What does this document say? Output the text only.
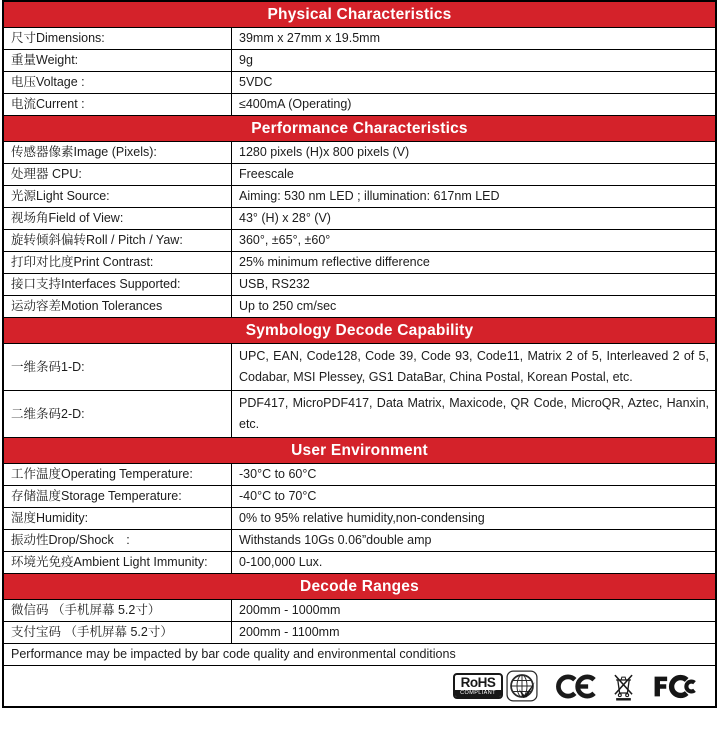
Physical Characteristics
尺寸Dimensions:	39mm x 27mm x 19.5mm
重量Weight:	9g
电压Voltage :	5VDC
电流Current :	≤400mA (Operating)
Performance Characteristics
传感器像素Image (Pixels):	1280 pixels (H)x 800 pixels (V)
处理器 CPU:	Freescale
光源Light Source:	Aiming: 530 nm LED ; illumination: 617nm LED
视场角Field of View:	43° (H) x 28° (V)
旋转倾斜偏转Roll / Pitch / Yaw:	360°, ±65°, ±60°
打印对比度Print Contrast:	25% minimum reflective difference
接口支持Interfaces Supported:	USB, RS232
运动容差Motion Tolerances	Up to 250 cm/sec
Symbology Decode Capability
一维条码1-D:
UPC, EAN, Code128, Code 39, Code 93, Code11, Matrix 2 of 5, Interleaved 2 of 5, Codabar, MSI Plessey, GS1 DataBar, China Postal, Korean Postal, etc.
二维条码2-D:
PDF417, MicroPDF417, Data Matrix, Maxicode, QR Code, MicroQR, Aztec, Hanxin, etc.
User Environment
工作温度Operating Temperature:	-30°C to 60°C
存储温度Storage Temperature:	-40°C to 70°C
湿度Humidity:	0% to 95% relative humidity,non-condensing
振动性Drop/Shock　:	Withstands 10Gs 0.06”double amp
环境光免疫Ambient Light Immunity:	0-100,000 Lux.
Decode Ranges
微信码 （手机屏幕 5.2寸）	200mm - 1000mm
支付宝码 （手机屏幕 5.2寸）	200mm - 1100mm
Performance may be impacted by bar code quality and environmental conditions
RoHS
COMPLIANT
